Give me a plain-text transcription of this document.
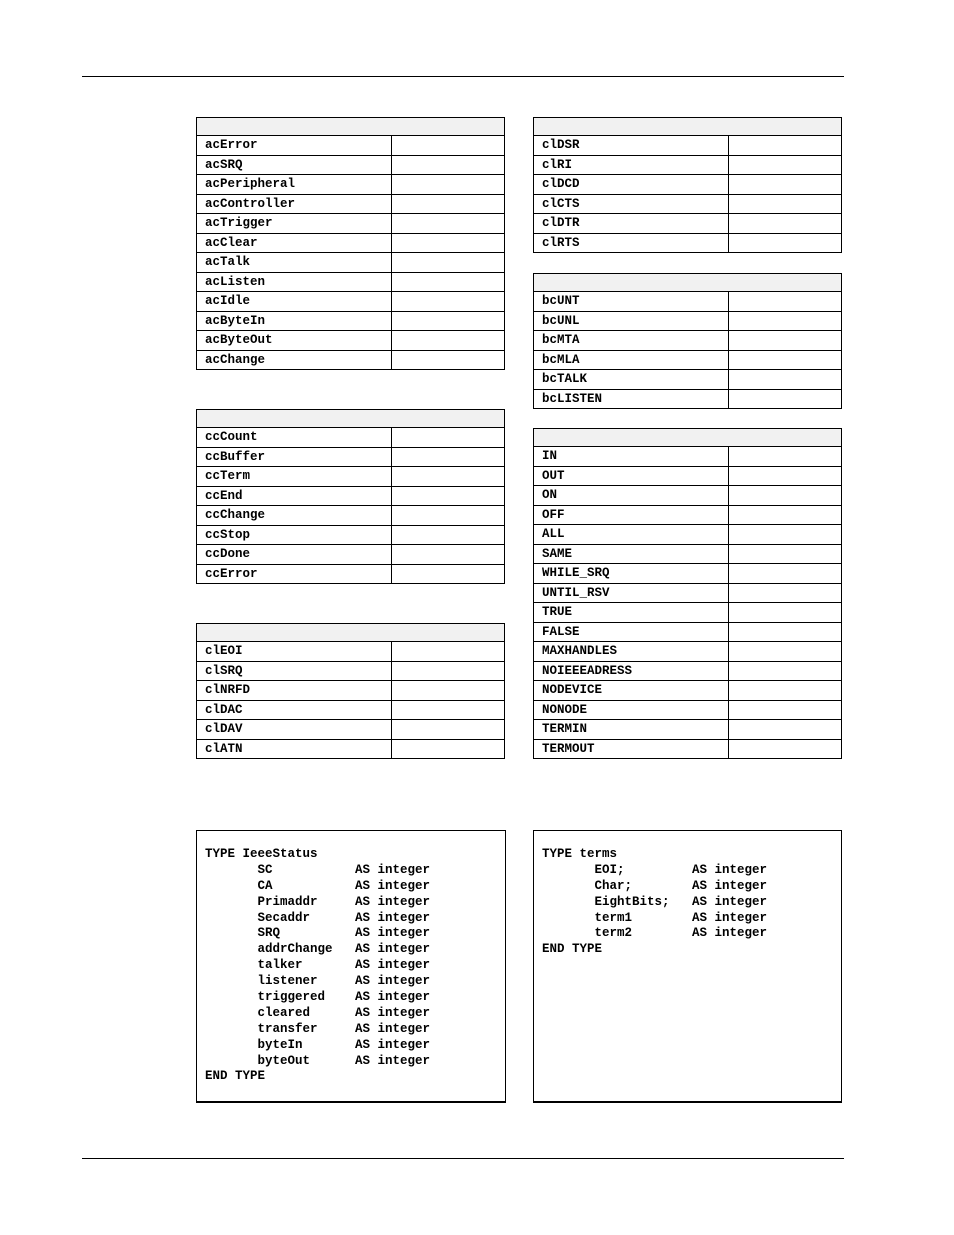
acError	
acSRQ	
acPeripheral	
acController	
acTrigger	
acClear	
acTalk	
acListen	
acIdle	
acByteIn	
acByteOut	
acChange	

ccCount	
ccBuffer	
ccTerm	
ccEnd	
ccChange	
ccStop	
ccDone	
ccError	

clEOI	
clSRQ	
clNRFD	
clDAC	
clDAV	
clATN	

clDSR	
clRI	
clDCD	
clCTS	
clDTR	
clRTS	

bcUNT	
bcUNL	
bcMTA	
bcMLA	
bcTALK	
bcLISTEN	

IN	
OUT	
ON	
OFF	
ALL	
SAME	
WHILE_SRQ	
UNTIL_RSV	
TRUE	
FALSE	
MAXHANDLES	
NOIEEEADRESS	
NODEVICE	
NONODE	
TERMIN	
TERMOUT	
TYPE IeeeStatus
SC           AS integer
CA           AS integer
Primaddr     AS integer
Secaddr      AS integer
SRQ          AS integer
addrChange   AS integer
talker       AS integer
listener     AS integer
triggered    AS integer
cleared      AS integer
transfer     AS integer
byteIn       AS integer
byteOut      AS integer
END TYPE
TYPE terms
EOI;         AS integer
Char;        AS integer
EightBits;   AS integer
term1        AS integer
term2        AS integer
END TYPE
